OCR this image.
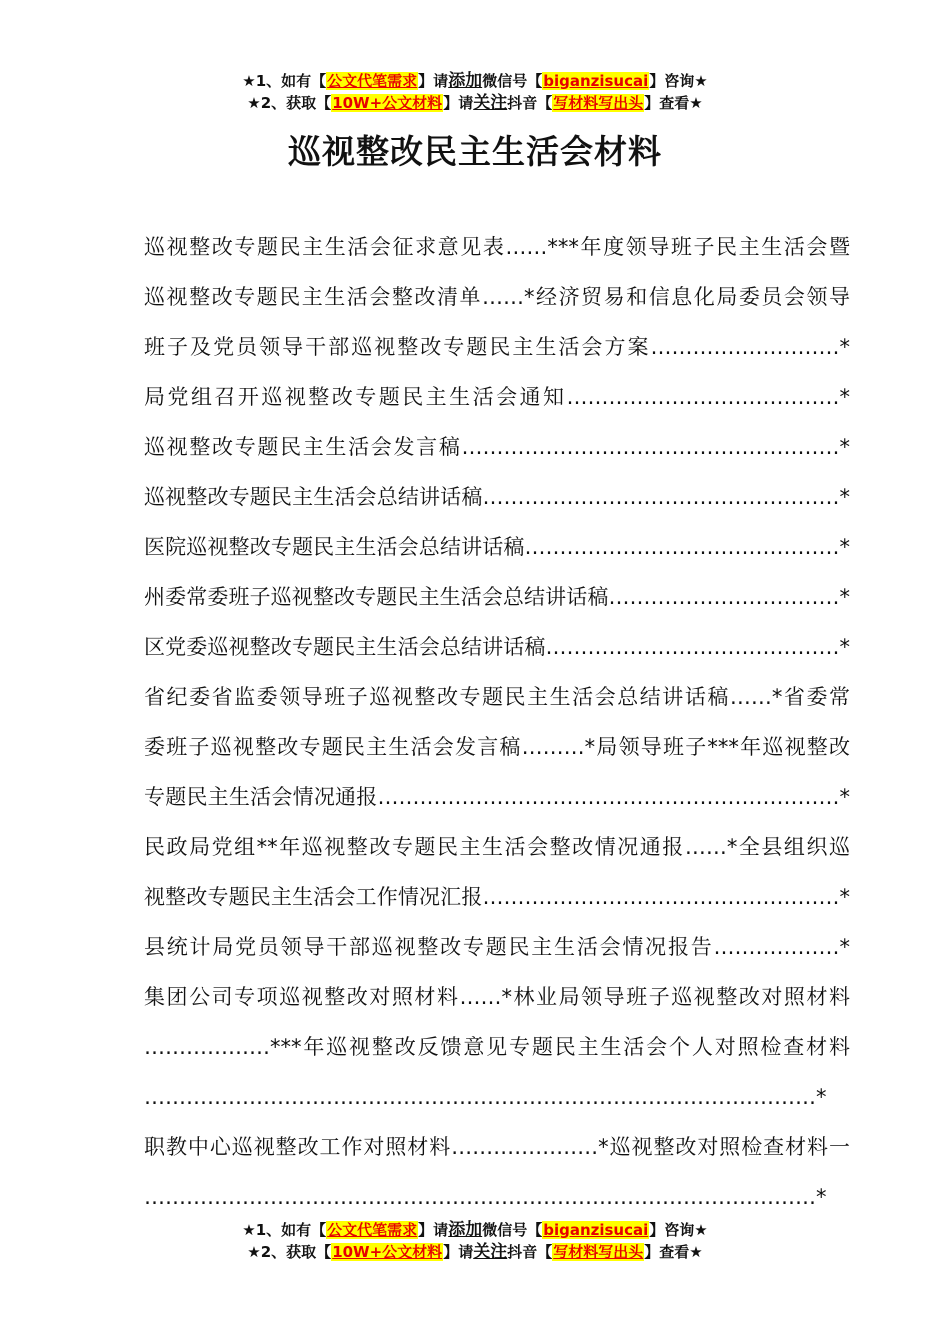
★1、如有【公文代笔需求】请添加微信号【biganzisucai】咨询★
★2、获取【10W+公文材料】请关注抖音【写材料写出头】查看★
巡视整改民主生活会材料
巡视整改专题民主生活会征求意见表……***年度领导班子民主生活会暨
巡视整改专题民主生活会整改清单……*经济贸易和信息化局委员会领导
班子及党员领导干部巡视整改专题民主生活会方案………………………*
局党组召开巡视整改专题民主生活会通知…………………………………*
巡视整改专题民主生活会发言稿………………………………………………*
巡视整改专题民主生活会总结讲话稿……………………………………………*
医院巡视整改专题民主生活会总结讲话稿………………………………………*
州委常委班子巡视整改专题民主生活会总结讲话稿……………………………*
区党委巡视整改专题民主生活会总结讲话稿……………………………………*
省纪委省监委领导班子巡视整改专题民主生活会总结讲话稿……*省委常
委班子巡视整改专题民主生活会发言稿………*局领导班子***年巡视整改
专题民主生活会情况通报…………………………………………………………*
民政局党组**年巡视整改专题民主生活会整改情况通报……*全县组织巡
视整改专题民主生活会工作情况汇报……………………………………………*
县统计局党员领导干部巡视整改专题民主生活会情况报告………………*
集团公司专项巡视整改对照材料……*林业局领导班子巡视整改对照材料
………………***年巡视整改反馈意见专题民主生活会个人对照检查材料
……………………………………………………………………………………*
职教中心巡视整改工作对照材料…………………*巡视整改对照检查材料一
……………………………………………………………………………………*
★1、如有【公文代笔需求】请添加微信号【biganzisucai】咨询★
★2、获取【10W+公文材料】请关注抖音【写材料写出头】查看★
